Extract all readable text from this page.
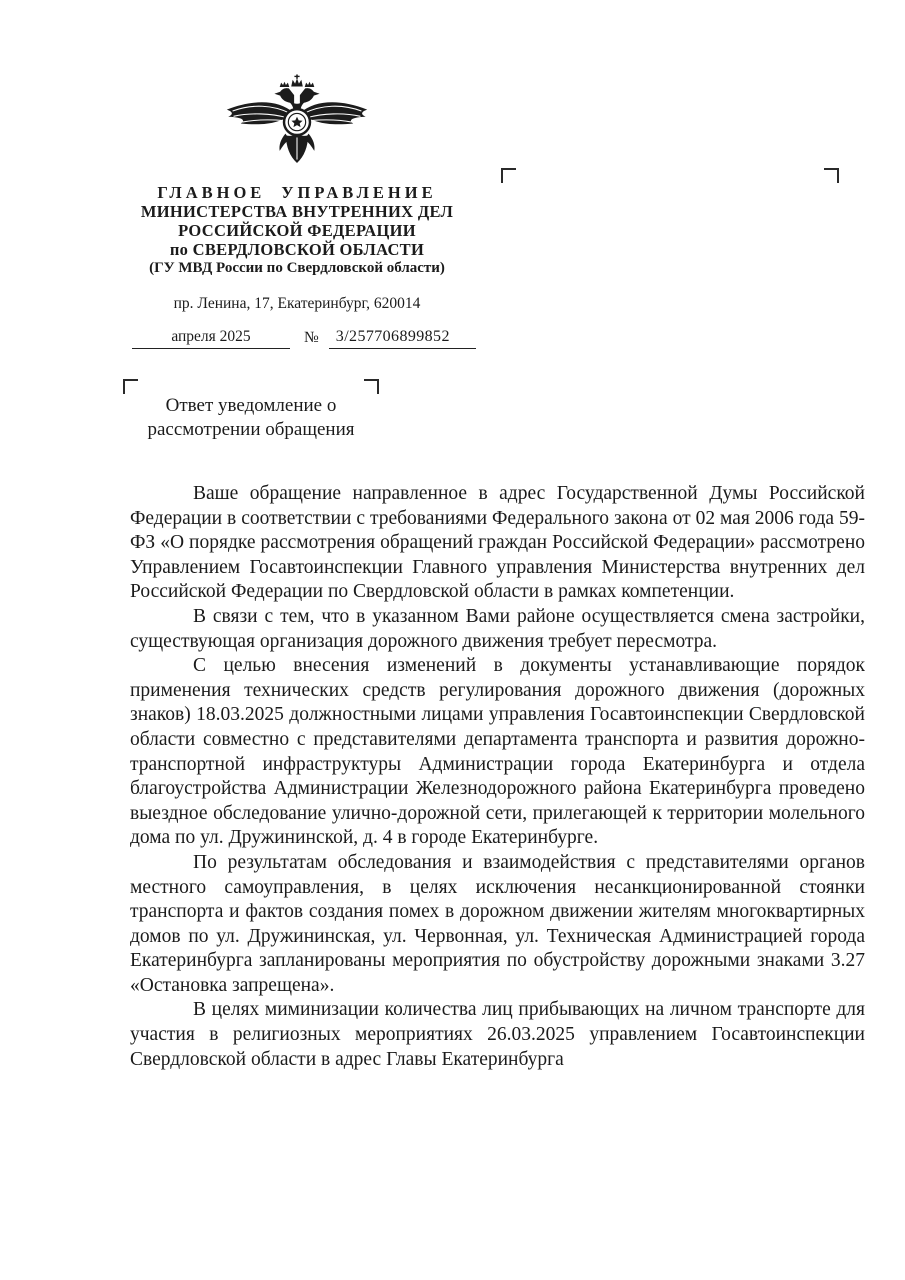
ГЛАВНОЕ УПРАВЛЕНИЕ
МИНИСТЕРСТВА ВНУТРЕННИХ ДЕЛ
РОССИЙСКОЙ ФЕДЕРАЦИИ
по СВЕРДЛОВСКОЙ ОБЛАСТИ
(ГУ МВД России по Свердловской области)
пр. Ленина, 17, Екатеринбург, 620014
апреля 2025	№	3/257706899852
Ответ уведомление о
рассмотрении обращения

Ваше обращение направленное в адрес Государственной Думы Российской Федерации в соответствии с требованиями Федерального закона от 02 мая 2006 года 59-ФЗ «О порядке рассмотрения обращений граждан Российской Федерации» рассмотрено Управлением Госавтоинспекции Главного управления Министерства внутренних дел Российской Федерации по Свердловской области в рамках компетенции.

В связи с тем, что в указанном Вами районе осуществляется смена застройки, существующая организация дорожного движения требует пересмотра.

С целью внесения изменений в документы устанавливающие порядок применения технических средств регулирования дорожного движения (дорожных знаков) 18.03.2025 должностными лицами управления Госавтоинспекции Свердловской области совместно с представителями департамента транспорта и развития дорожно-транспортной инфраструктуры Администрации города Екатеринбурга и отдела благоустройства Администрации Железнодорожного района Екатеринбурга проведено выездное обследование улично-дорожной сети, прилегающей к территории молельного дома по ул. Дружининской, д. 4 в городе Екатеринбурге.

По результатам обследования и взаимодействия с представителями органов местного самоуправления, в целях исключения несанкционированной стоянки транспорта и фактов создания помех в дорожном движении жителям многоквартирных домов по ул. Дружининская, ул. Червонная, ул. Техническая Администрацией города Екатеринбурга запланированы мероприятия по обустройству дорожными знаками 3.27 «Остановка запрещена».

В целях миминизации количества лиц прибывающих на личном транспорте для участия в религиозных мероприятиях 26.03.2025 управлением Госавтоинспекции Свердловской области в адрес Главы Екатеринбурга
